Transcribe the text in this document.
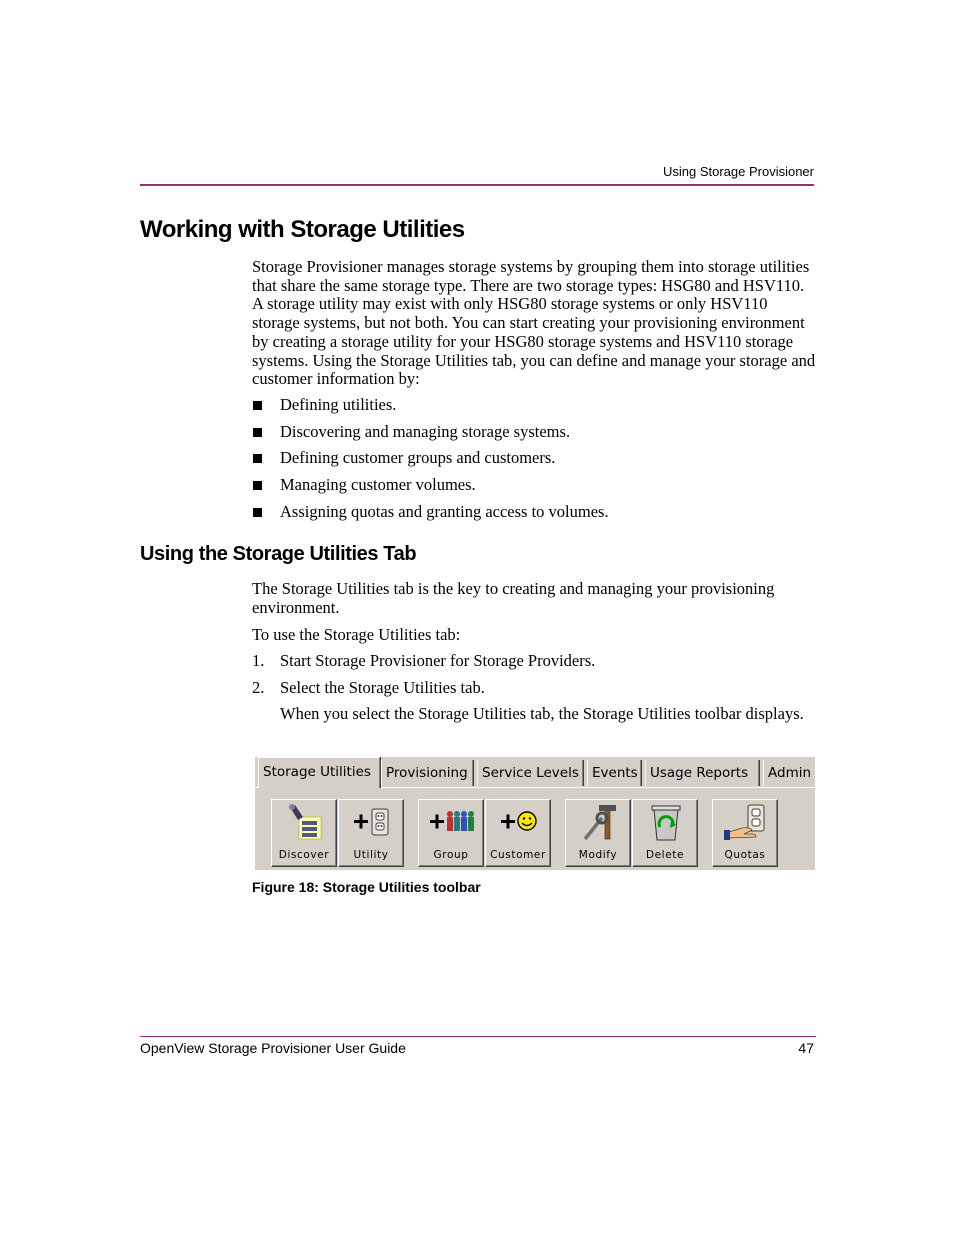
Using Storage Provisioner
Working with Storage Utilities
Storage Provisioner manages storage systems by grouping them into storage utilities that share the same storage type. There are two storage types: HSG80 and HSV110. A storage utility may exist with only HSG80 storage systems or only HSV110 storage systems, but not both. You can start creating your provisioning environment by creating a storage utility for your HSG80 storage systems and HSV110 storage systems. Using the Storage Utilities tab, you can define and manage your storage and customer information by:
Defining utilities.
Discovering and managing storage systems.
Defining customer groups and customers.
Managing customer volumes.
Assigning quotas and granting access to volumes.
Using the Storage Utilities Tab
The Storage Utilities tab is the key to creating and managing your provisioning environment.
To use the Storage Utilities tab:
1. Start Storage Provisioner for Storage Providers.
2. Select the Storage Utilities tab.
When you select the Storage Utilities tab, the Storage Utilities toolbar displays.
Storage Utilities	Provisioning	Service Levels Events Usage Reports	Admin
Discover	Utility	Group	Customer	Modify	Delete	Quotas
Figure 18: Storage Utilities toolbar
OpenView Storage Provisioner User Guide	47
